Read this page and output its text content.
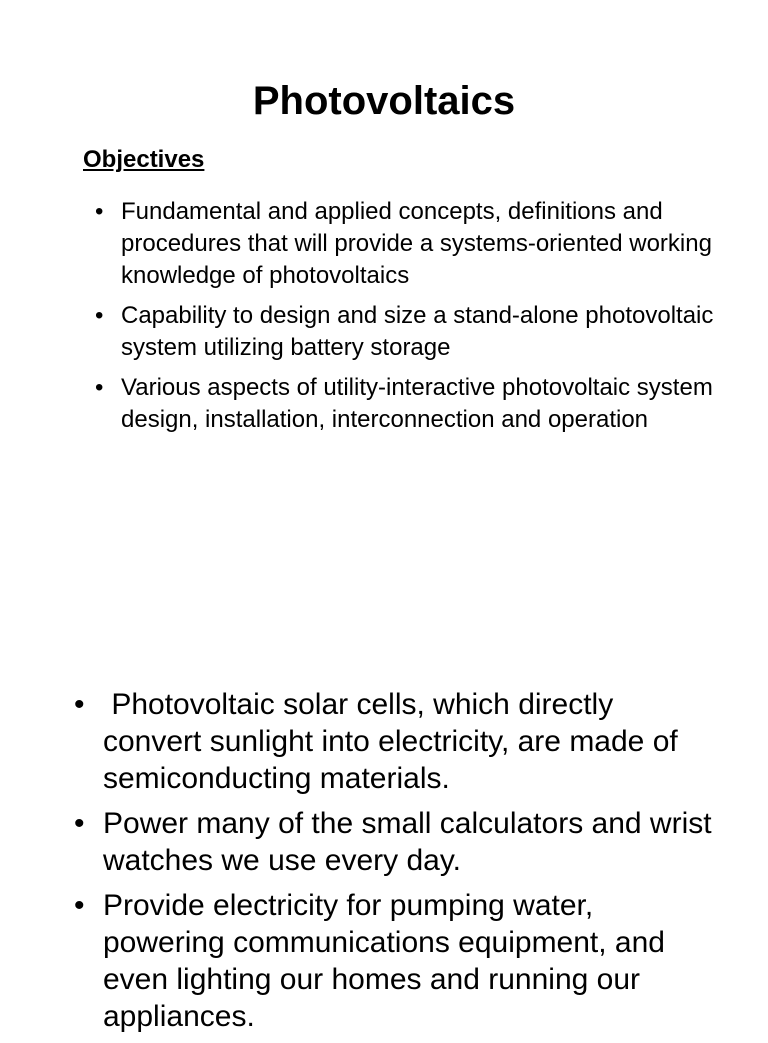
Photovoltaics
Objectives
• Fundamental and applied concepts, definitions and procedures that will provide a systems-oriented working knowledge of photovoltaics
• Capability to design and size a stand-alone photovoltaic system utilizing battery storage
• Various aspects of utility-interactive photovoltaic system design, installation, interconnection and operation
• Photovoltaic solar cells, which directly convert sunlight into electricity, are made of semiconducting materials.
• Power many of the small calculators and wrist watches we use every day.
• Provide electricity for pumping water, powering communications equipment, and even lighting our homes and running our appliances.
